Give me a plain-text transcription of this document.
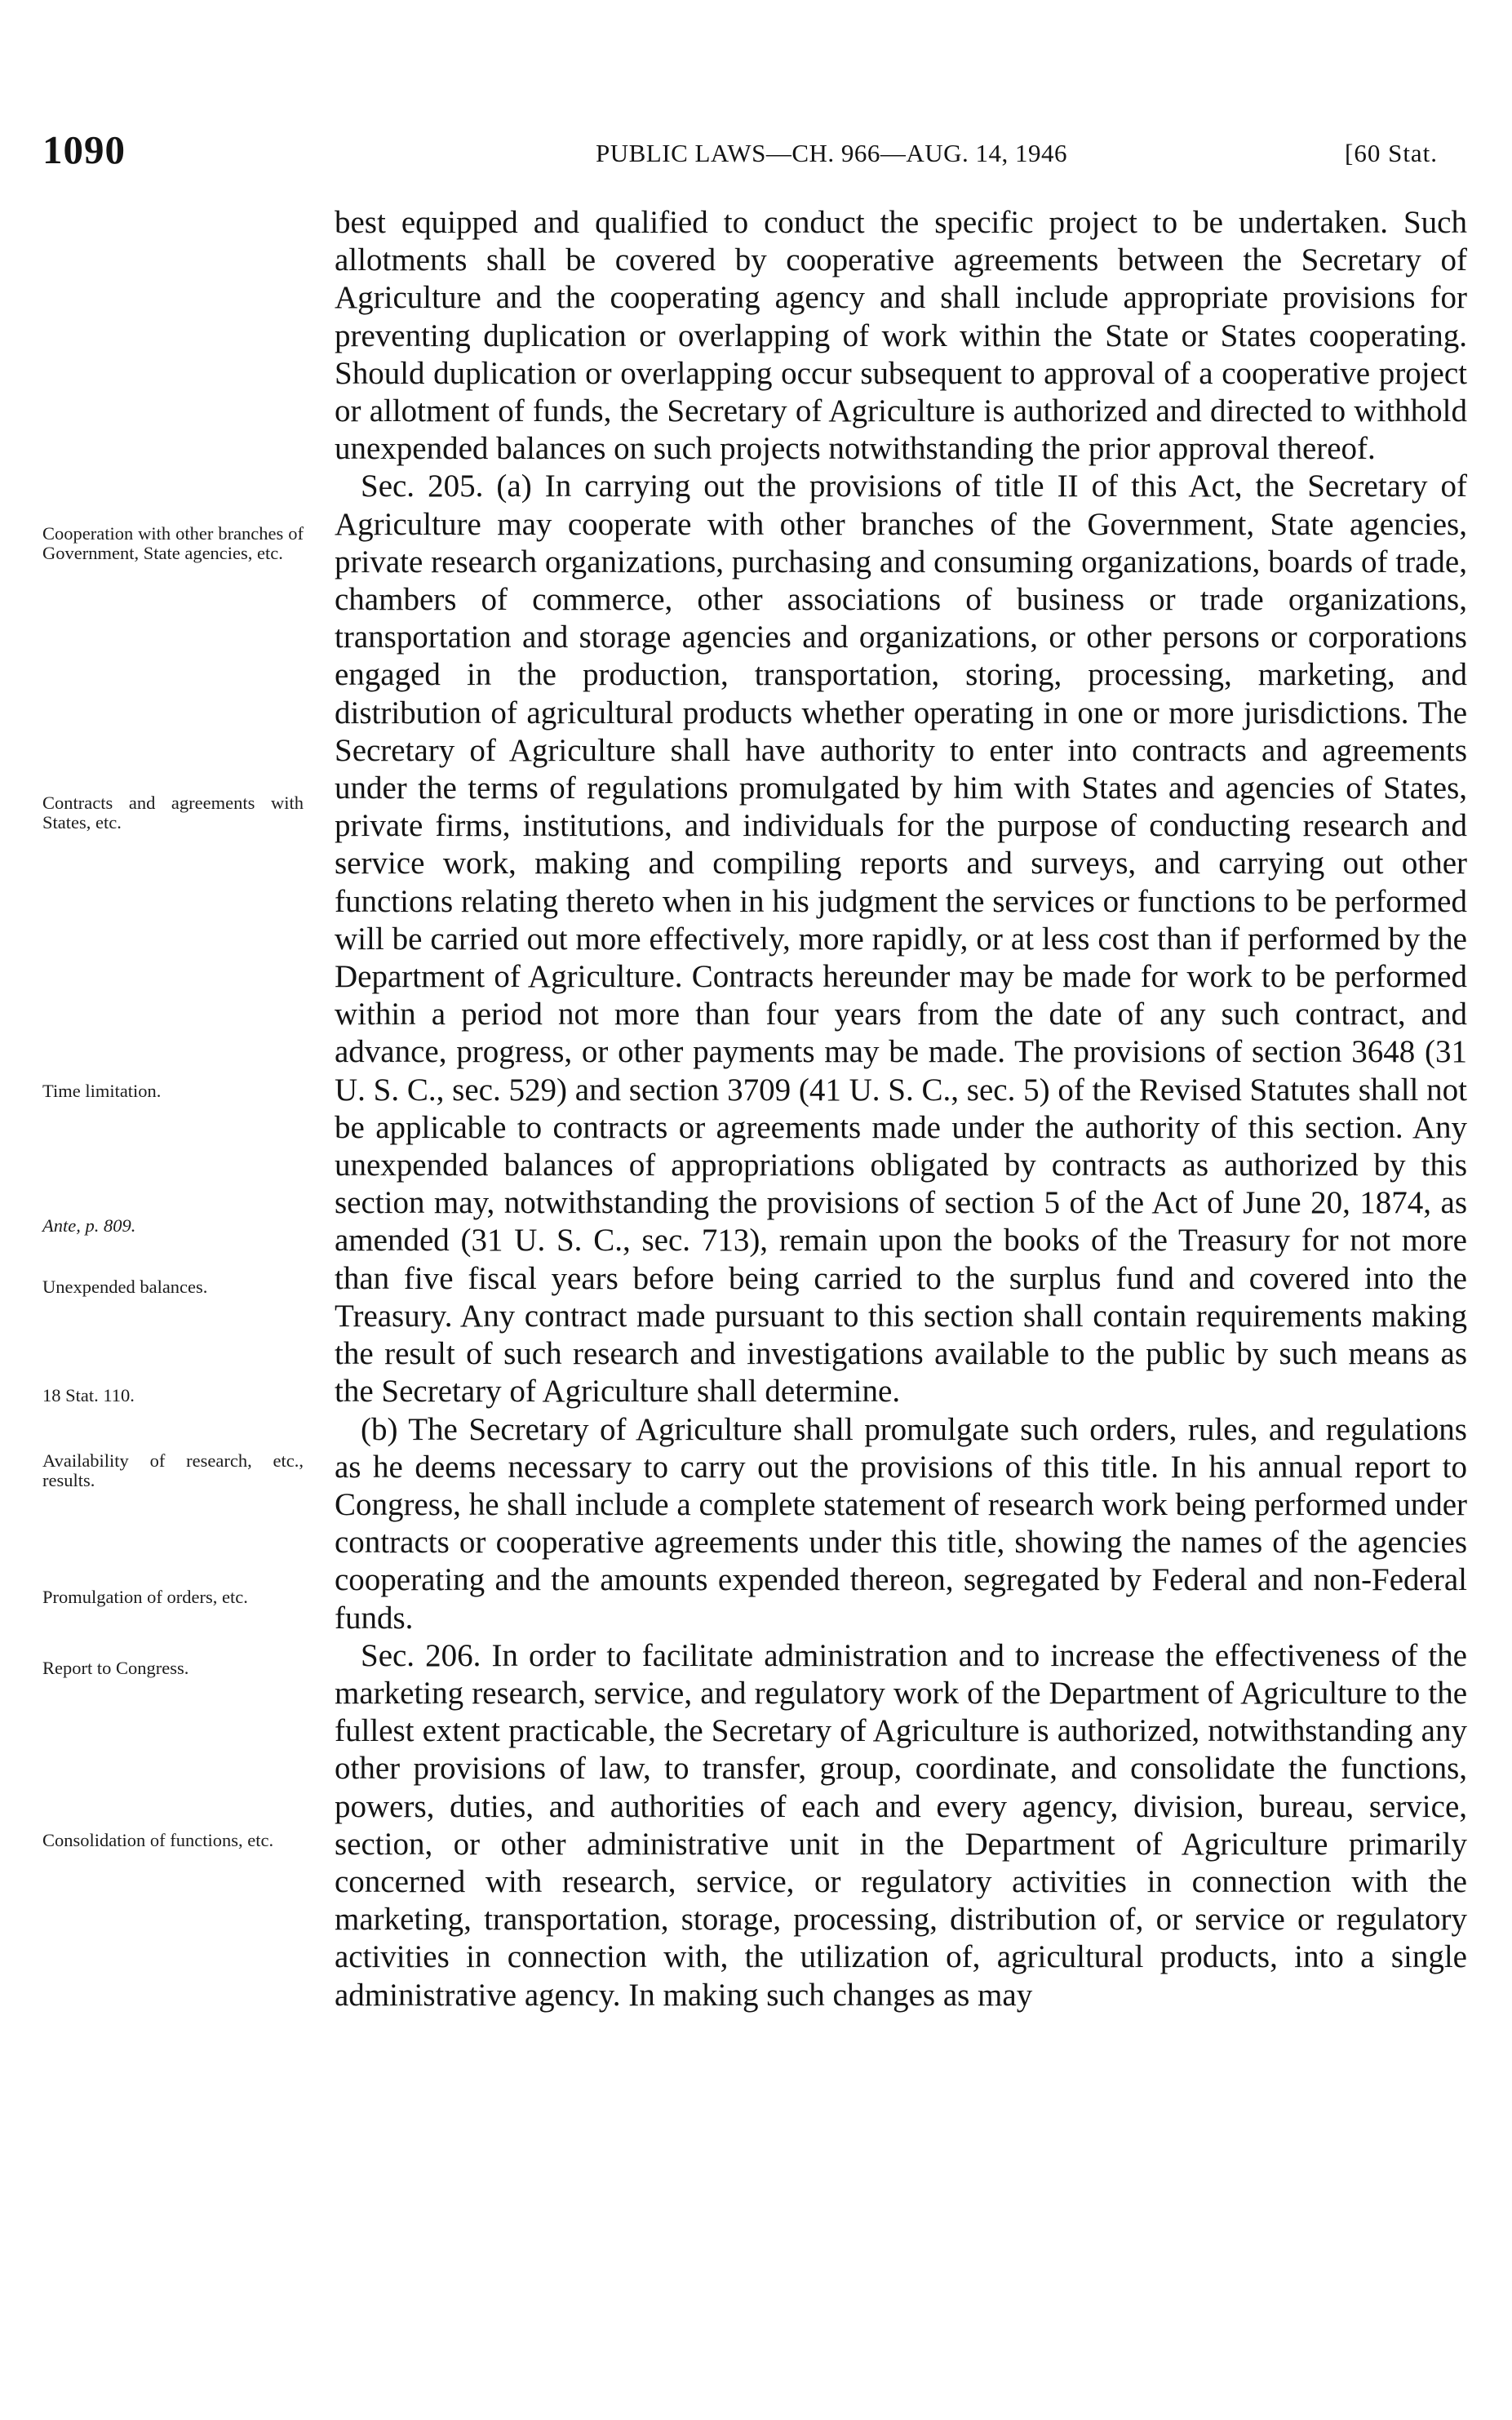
1090	PUBLIC LAWS—CH. 966—AUG. 14, 1946	[60 Stat.
Cooperation with other branches of Government, State agencies, etc.
Contracts and agreements with States, etc.
Time limitation.
Ante, p. 809.
Unexpended balances.
18 Stat. 110.
Availability of research, etc., results.
Promulgation of orders, etc.
Report to Congress.
Consolidation of functions, etc.

best equipped and qualified to conduct the specific project to be undertaken. Such allotments shall be covered by cooperative agreements between the Secretary of Agriculture and the cooperating agency and shall include appropriate provisions for preventing duplication or overlapping of work within the State or States cooperating. Should duplication or overlapping occur subsequent to approval of a cooperative project or allotment of funds, the Secretary of Agriculture is authorized and directed to withhold unexpended balances on such projects notwithstanding the prior approval thereof.

Sec. 205. (a) In carrying out the provisions of title II of this Act, the Secretary of Agriculture may cooperate with other branches of the Government, State agencies, private research organizations, purchasing and consuming organizations, boards of trade, chambers of commerce, other associations of business or trade organizations, transportation and storage agencies and organizations, or other persons or corporations engaged in the production, transportation, storing, processing, marketing, and distribution of agricultural products whether operating in one or more jurisdictions. The Secretary of Agriculture shall have authority to enter into contracts and agreements under the terms of regulations promulgated by him with States and agencies of States, private firms, institutions, and individuals for the purpose of conducting research and service work, making and compiling reports and surveys, and carrying out other functions relating thereto when in his judgment the services or functions to be performed will be carried out more effectively, more rapidly, or at less cost than if performed by the Department of Agriculture. Contracts hereunder may be made for work to be performed within a period not more than four years from the date of any such contract, and advance, progress, or other payments may be made. The provisions of section 3648 (31 U. S. C., sec. 529) and section 3709 (41 U. S. C., sec. 5) of the Revised Statutes shall not be applicable to contracts or agreements made under the authority of this section. Any unexpended balances of appropriations obligated by contracts as authorized by this section may, notwithstanding the provisions of section 5 of the Act of June 20, 1874, as amended (31 U. S. C., sec. 713), remain upon the books of the Treasury for not more than five fiscal years before being carried to the surplus fund and covered into the Treasury. Any contract made pursuant to this section shall contain requirements making the result of such research and investigations available to the public by such means as the Secretary of Agriculture shall determine.

(b) The Secretary of Agriculture shall promulgate such orders, rules, and regulations as he deems necessary to carry out the provisions of this title. In his annual report to Congress, he shall include a complete statement of research work being performed under contracts or cooperative agreements under this title, showing the names of the agencies cooperating and the amounts expended thereon, segregated by Federal and non-Federal funds.

Sec. 206. In order to facilitate administration and to increase the effectiveness of the marketing research, service, and regulatory work of the Department of Agriculture to the fullest extent practicable, the Secretary of Agriculture is authorized, notwithstanding any other provisions of law, to transfer, group, coordinate, and consolidate the functions, powers, duties, and authorities of each and every agency, division, bureau, service, section, or other administrative unit in the Department of Agriculture primarily concerned with research, service, or regulatory activities in connection with the marketing, transportation, storage, processing, distribution of, or service or regulatory activities in connection with, the utilization of, agricultural products, into a single administrative agency. In making such changes as may
